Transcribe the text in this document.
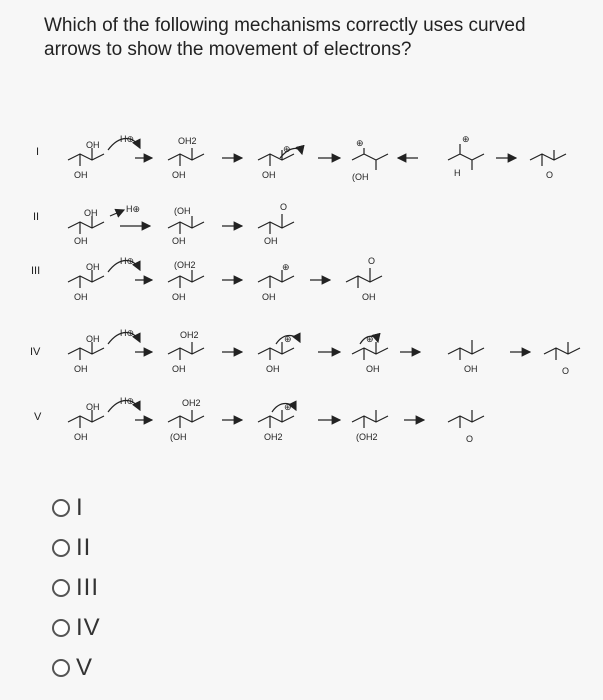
Which of the following mechanisms correctly uses curved arrows to show the movement of electrons?
I
II
III
IV
V
OH
OH
H⊕	OH2
OH
⊕
OH
⊕
(OH	H
⊕
O
OH
OH
H⊕	(OH
OH
O
OH
OH
OH
H⊕	(OH2
OH
⊕
OH
O
OH
OH
OH
H⊕	OH2
OH
⊕
OH
⊕
OH	OH	O
OH
OH
H⊕	OH2
(OH
⊕
OH2	(OH2	O
I
II
III
IV
V
